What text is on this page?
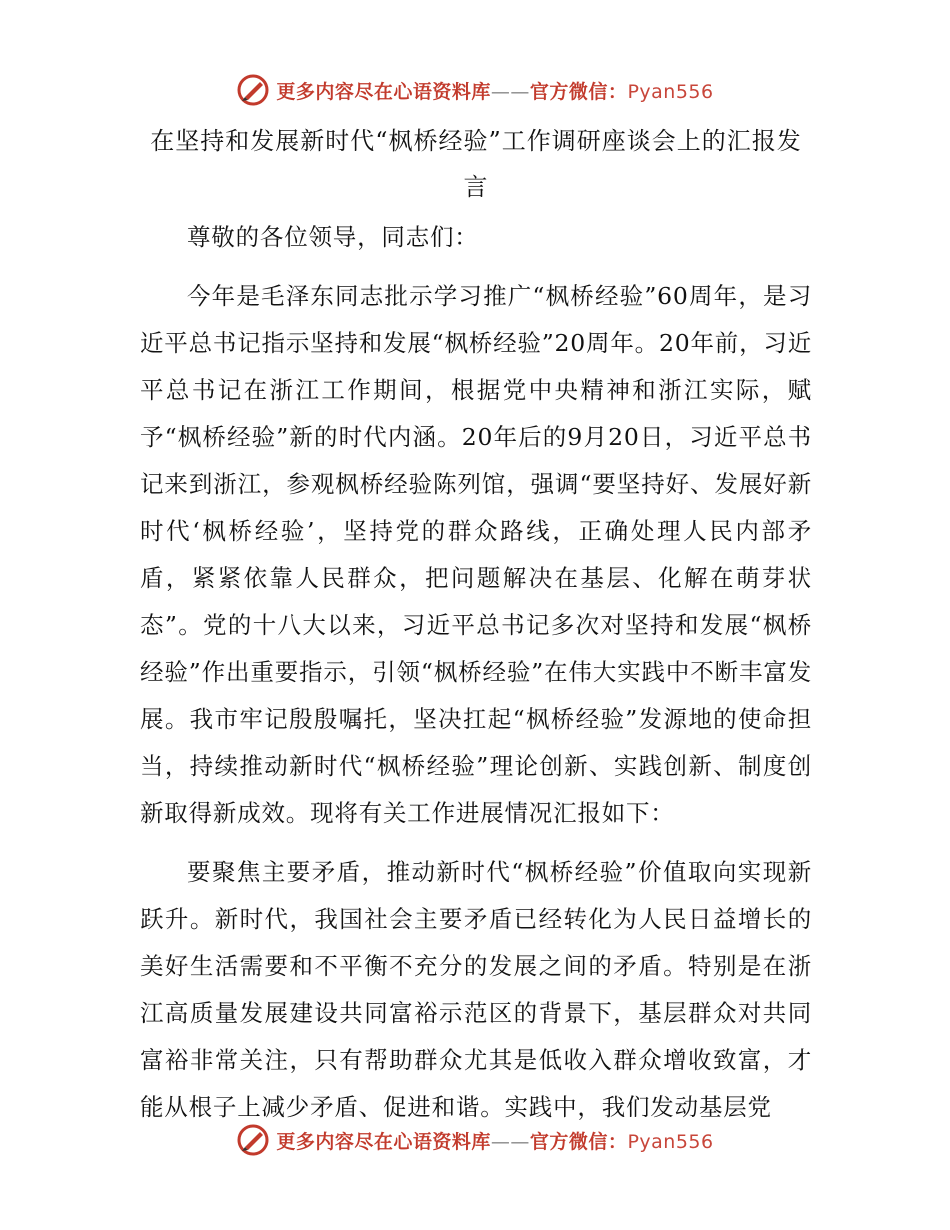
更多内容尽在心语资料库——官方微信：Pyan556
在坚持和发展新时代“枫桥经验”工作调研座谈会上的汇报发言

尊敬的各位领导，同志们：

今年是毛泽东同志批示学习推广“枫桥经验”60周年，是习近平总书记指示坚持和发展“枫桥经验”20周年。20年前，习近平总书记在浙江工作期间，根据党中央精神和浙江实际，赋予“枫桥经验”新的时代内涵。20年后的9月20日，习近平总书记来到浙江，参观枫桥经验陈列馆，强调“要坚持好、发展好新时代‘枫桥经验’，坚持党的群众路线，正确处理人民内部矛盾，紧紧依靠人民群众，把问题解决在基层、化解在萌芽状态”。党的十八大以来，习近平总书记多次对坚持和发展“枫桥经验”作出重要指示，引领“枫桥经验”在伟大实践中不断丰富发展。我市牢记殷殷嘱托，坚决扛起“枫桥经验”发源地的使命担当，持续推动新时代“枫桥经验”理论创新、实践创新、制度创新取得新成效。现将有关工作进展情况汇报如下：

要聚焦主要矛盾，推动新时代“枫桥经验”价值取向实现新跃升。新时代，我国社会主要矛盾已经转化为人民日益增长的美好生活需要和不平衡不充分的发展之间的矛盾。特别是在浙江高质量发展建设共同富裕示范区的背景下，基层群众对共同富裕非常关注，只有帮助群众尤其是低收入群众增收致富，才能从根子上减少矛盾、促进和谐。实践中，我们发动基层党

更多内容尽在心语资料库——官方微信：Pyan556
